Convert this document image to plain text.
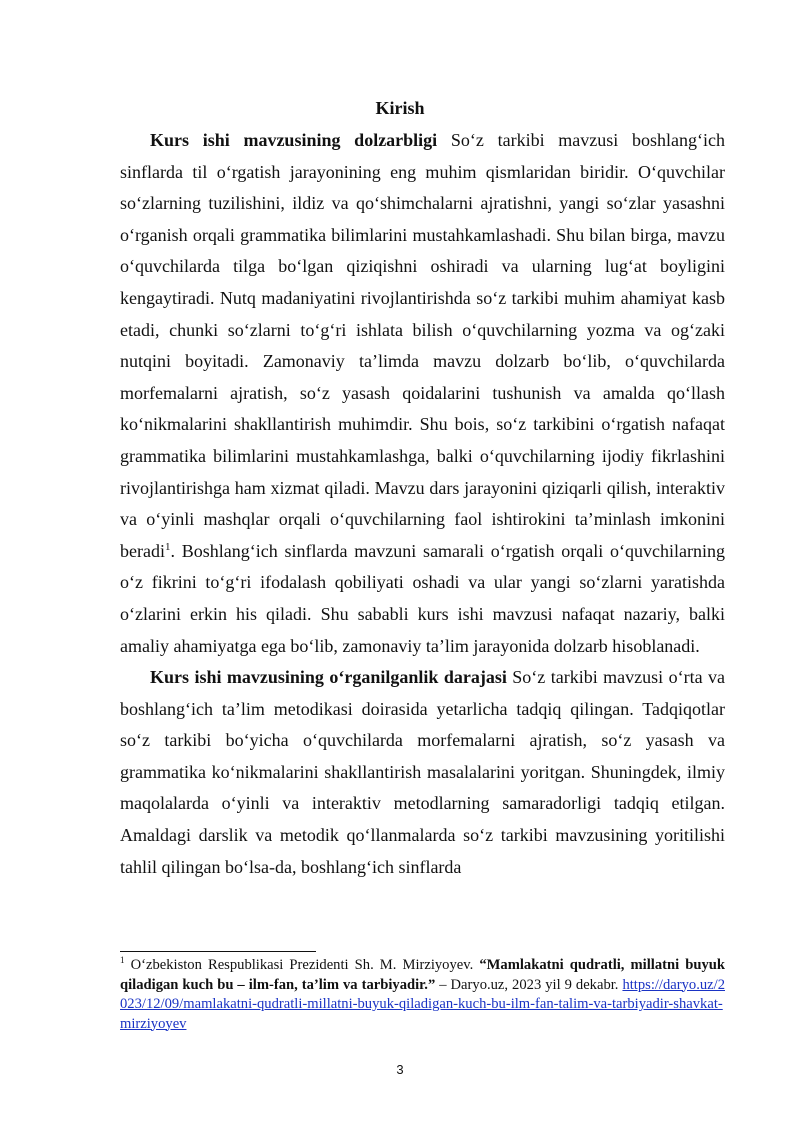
Kirish

Kurs ishi mavzusining dolzarbligi So‘z tarkibi mavzusi boshlang‘ich sinflarda til o‘rgatish jarayonining eng muhim qismlaridan biridir. O‘quvchilar so‘zlarning tuzilishini, ildiz va qo‘shimchalarni ajratishni, yangi so‘zlar yasashni o‘rganish orqali grammatika bilimlarini mustahkamlashadi. Shu bilan birga, mavzu o‘quvchilarda tilga bo‘lgan qiziqishni oshiradi va ularning lug‘at boyligini kengaytiradi. Nutq madaniyatini rivojlantirishda so‘z tarkibi muhim ahamiyat kasb etadi, chunki so‘zlarni to‘g‘ri ishlata bilish o‘quvchilarning yozma va og‘zaki nutqini boyitadi. Zamonaviy ta’limda mavzu dolzarb bo‘lib, o‘quvchilarda morfemalarni ajratish, so‘z yasash qoidalarini tushunish va amalda qo‘llash ko‘nikmalarini shakllantirish muhimdir. Shu bois, so‘z tarkibini o‘rgatish nafaqat grammatika bilimlarini mustahkamlashga, balki o‘quvchilarning ijodiy fikrlashini rivojlantirishga ham xizmat qiladi. Mavzu dars jarayonini qiziqarli qilish, interaktiv va o‘yinli mashqlar orqali o‘quvchilarning faol ishtirokini ta’minlash imkonini beradi$^1$. Boshlang‘ich sinflarda mavzuni samarali o‘rgatish orqali o‘quvchilarning o‘z fikrini to‘g‘ri ifodalash qobiliyati oshadi va ular yangi so‘zlarni yaratishda o‘zlarini erkin his qiladi. Shu sababli kurs ishi mavzusi nafaqat nazariy, balki amaliy ahamiyatga ega bo‘lib, zamonaviy ta’lim jarayonida dolzarb hisoblanadi.

Kurs ishi mavzusining o‘rganilganlik darajasi So‘z tarkibi mavzusi o‘rta va boshlang‘ich ta’lim metodikasi doirasida yetarlicha tadqiq qilingan. Tadqiqotlar so‘z tarkibi bo‘yicha o‘quvchilarda morfemalarni ajratish, so‘z yasash va grammatika ko‘nikmalarini shakllantirish masalalarini yoritgan. Shuningdek, ilmiy maqolalarda o‘yinli va interaktiv metodlarning samaradorligi tadqiq etilgan. Amaldagi darslik va metodik qo‘llanmalarda so‘z tarkibi mavzusining yoritilishi tahlil qilingan bo‘lsa-da, boshlang‘ich sinflarda

$^1$ O‘zbekiston Respublikasi Prezidenti Sh. M. Mirziyoyev. “Mamlakatni qudratli, millatni buyuk qiladigan kuch bu – ilm-fan, ta’lim va tarbiyadir.” – Daryo.uz, 2023 yil 9 dekabr. https://daryo.uz/2023/12/09/mamlakatni-qudratli-millatni-buyuk-qiladigan-kuch-bu-ilm-fan-talim-va-tarbiyadir-shavkat-mirziyoyev
3
